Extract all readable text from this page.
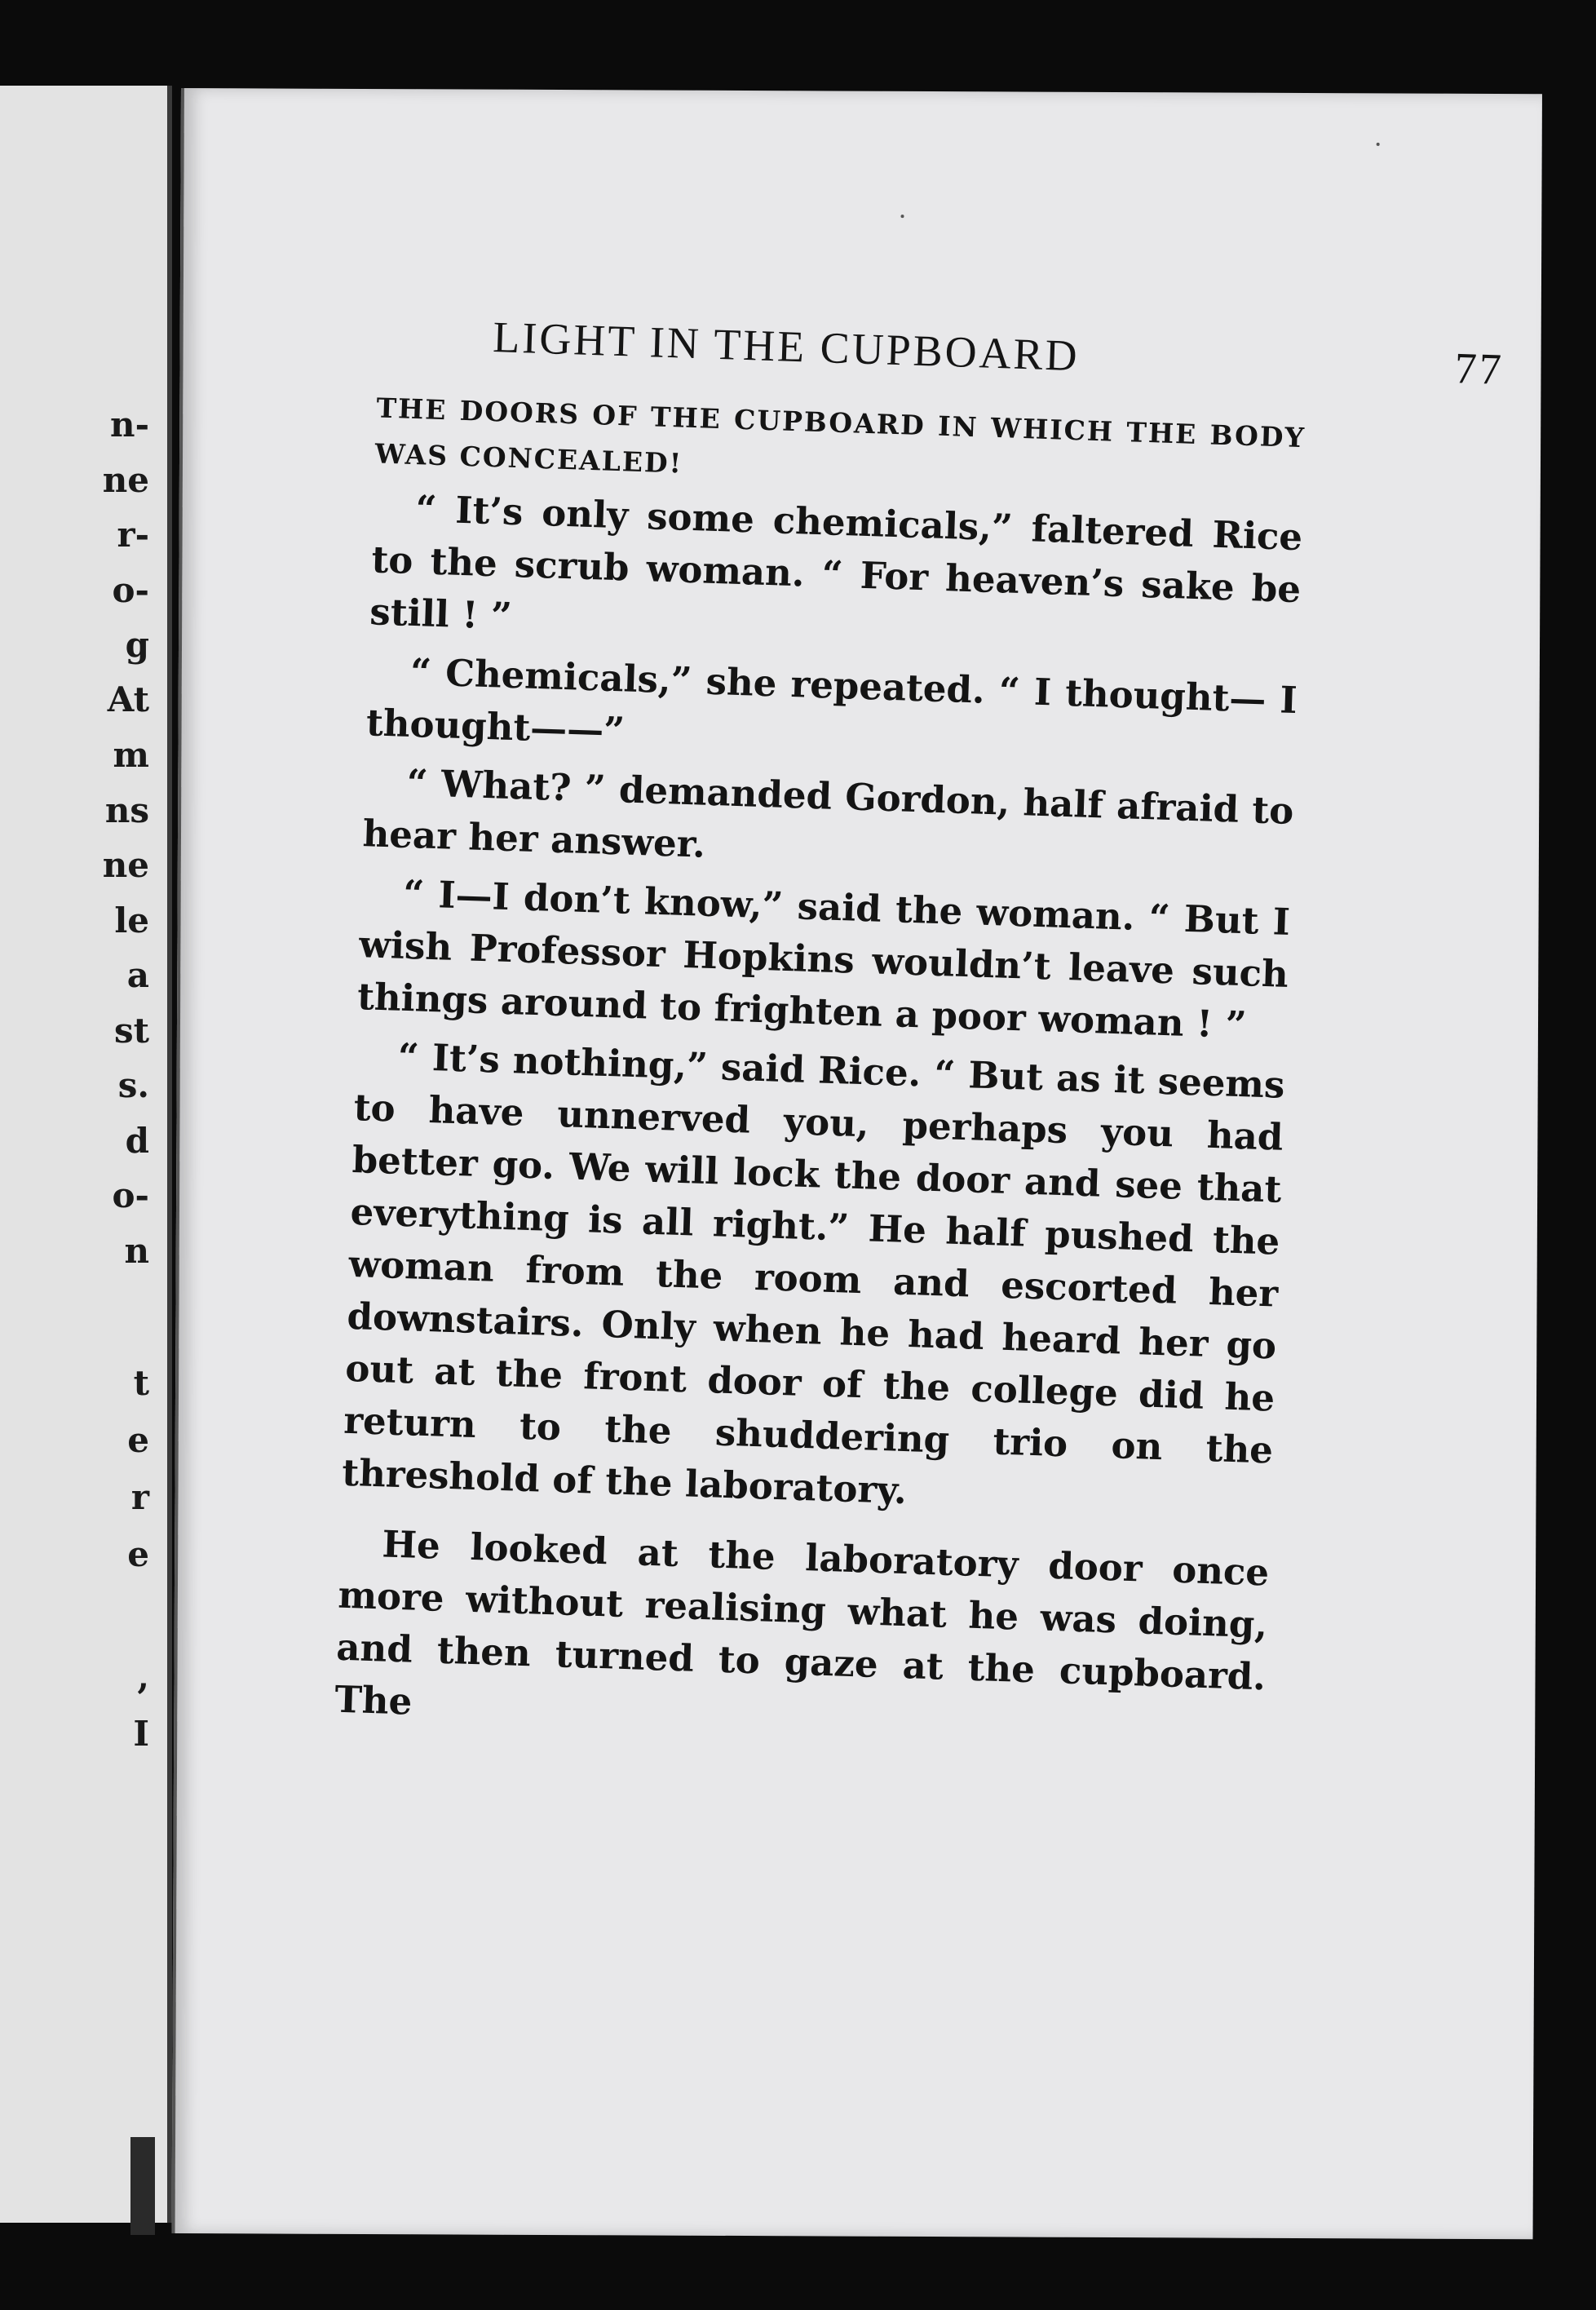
n-
ne
r-
o-
g
At
m
ns
ne
le
a
st
s.
d
o-
n
t
e
r
e
,
I
LIGHT IN THE CUPBOARD	77

THE DOORS OF THE CUPBOARD IN WHICH THE BODY WAS CONCEALED!

“ It’s only some chemicals,” faltered Rice to the scrub woman. “ For heaven’s sake be still ! ”

“ Chemicals,” she repeated. “ I thought— I thought——”

“ What? ” demanded Gordon, half afraid to hear her answer.

“ I—I don’t know,” said the woman. “ But I wish Professor Hopkins wouldn’t leave such things around to frighten a poor woman ! ”

“ It’s nothing,” said Rice. “ But as it seems to have unnerved you, perhaps you had better go. We will lock the door and see that everything is all right.” He half pushed the woman from the room and escorted her downstairs. Only when he had heard her go out at the front door of the college did he return to the shuddering trio on the threshold of the laboratory.

He looked at the laboratory door once more without realising what he was doing, and then turned to gaze at the cupboard. The
